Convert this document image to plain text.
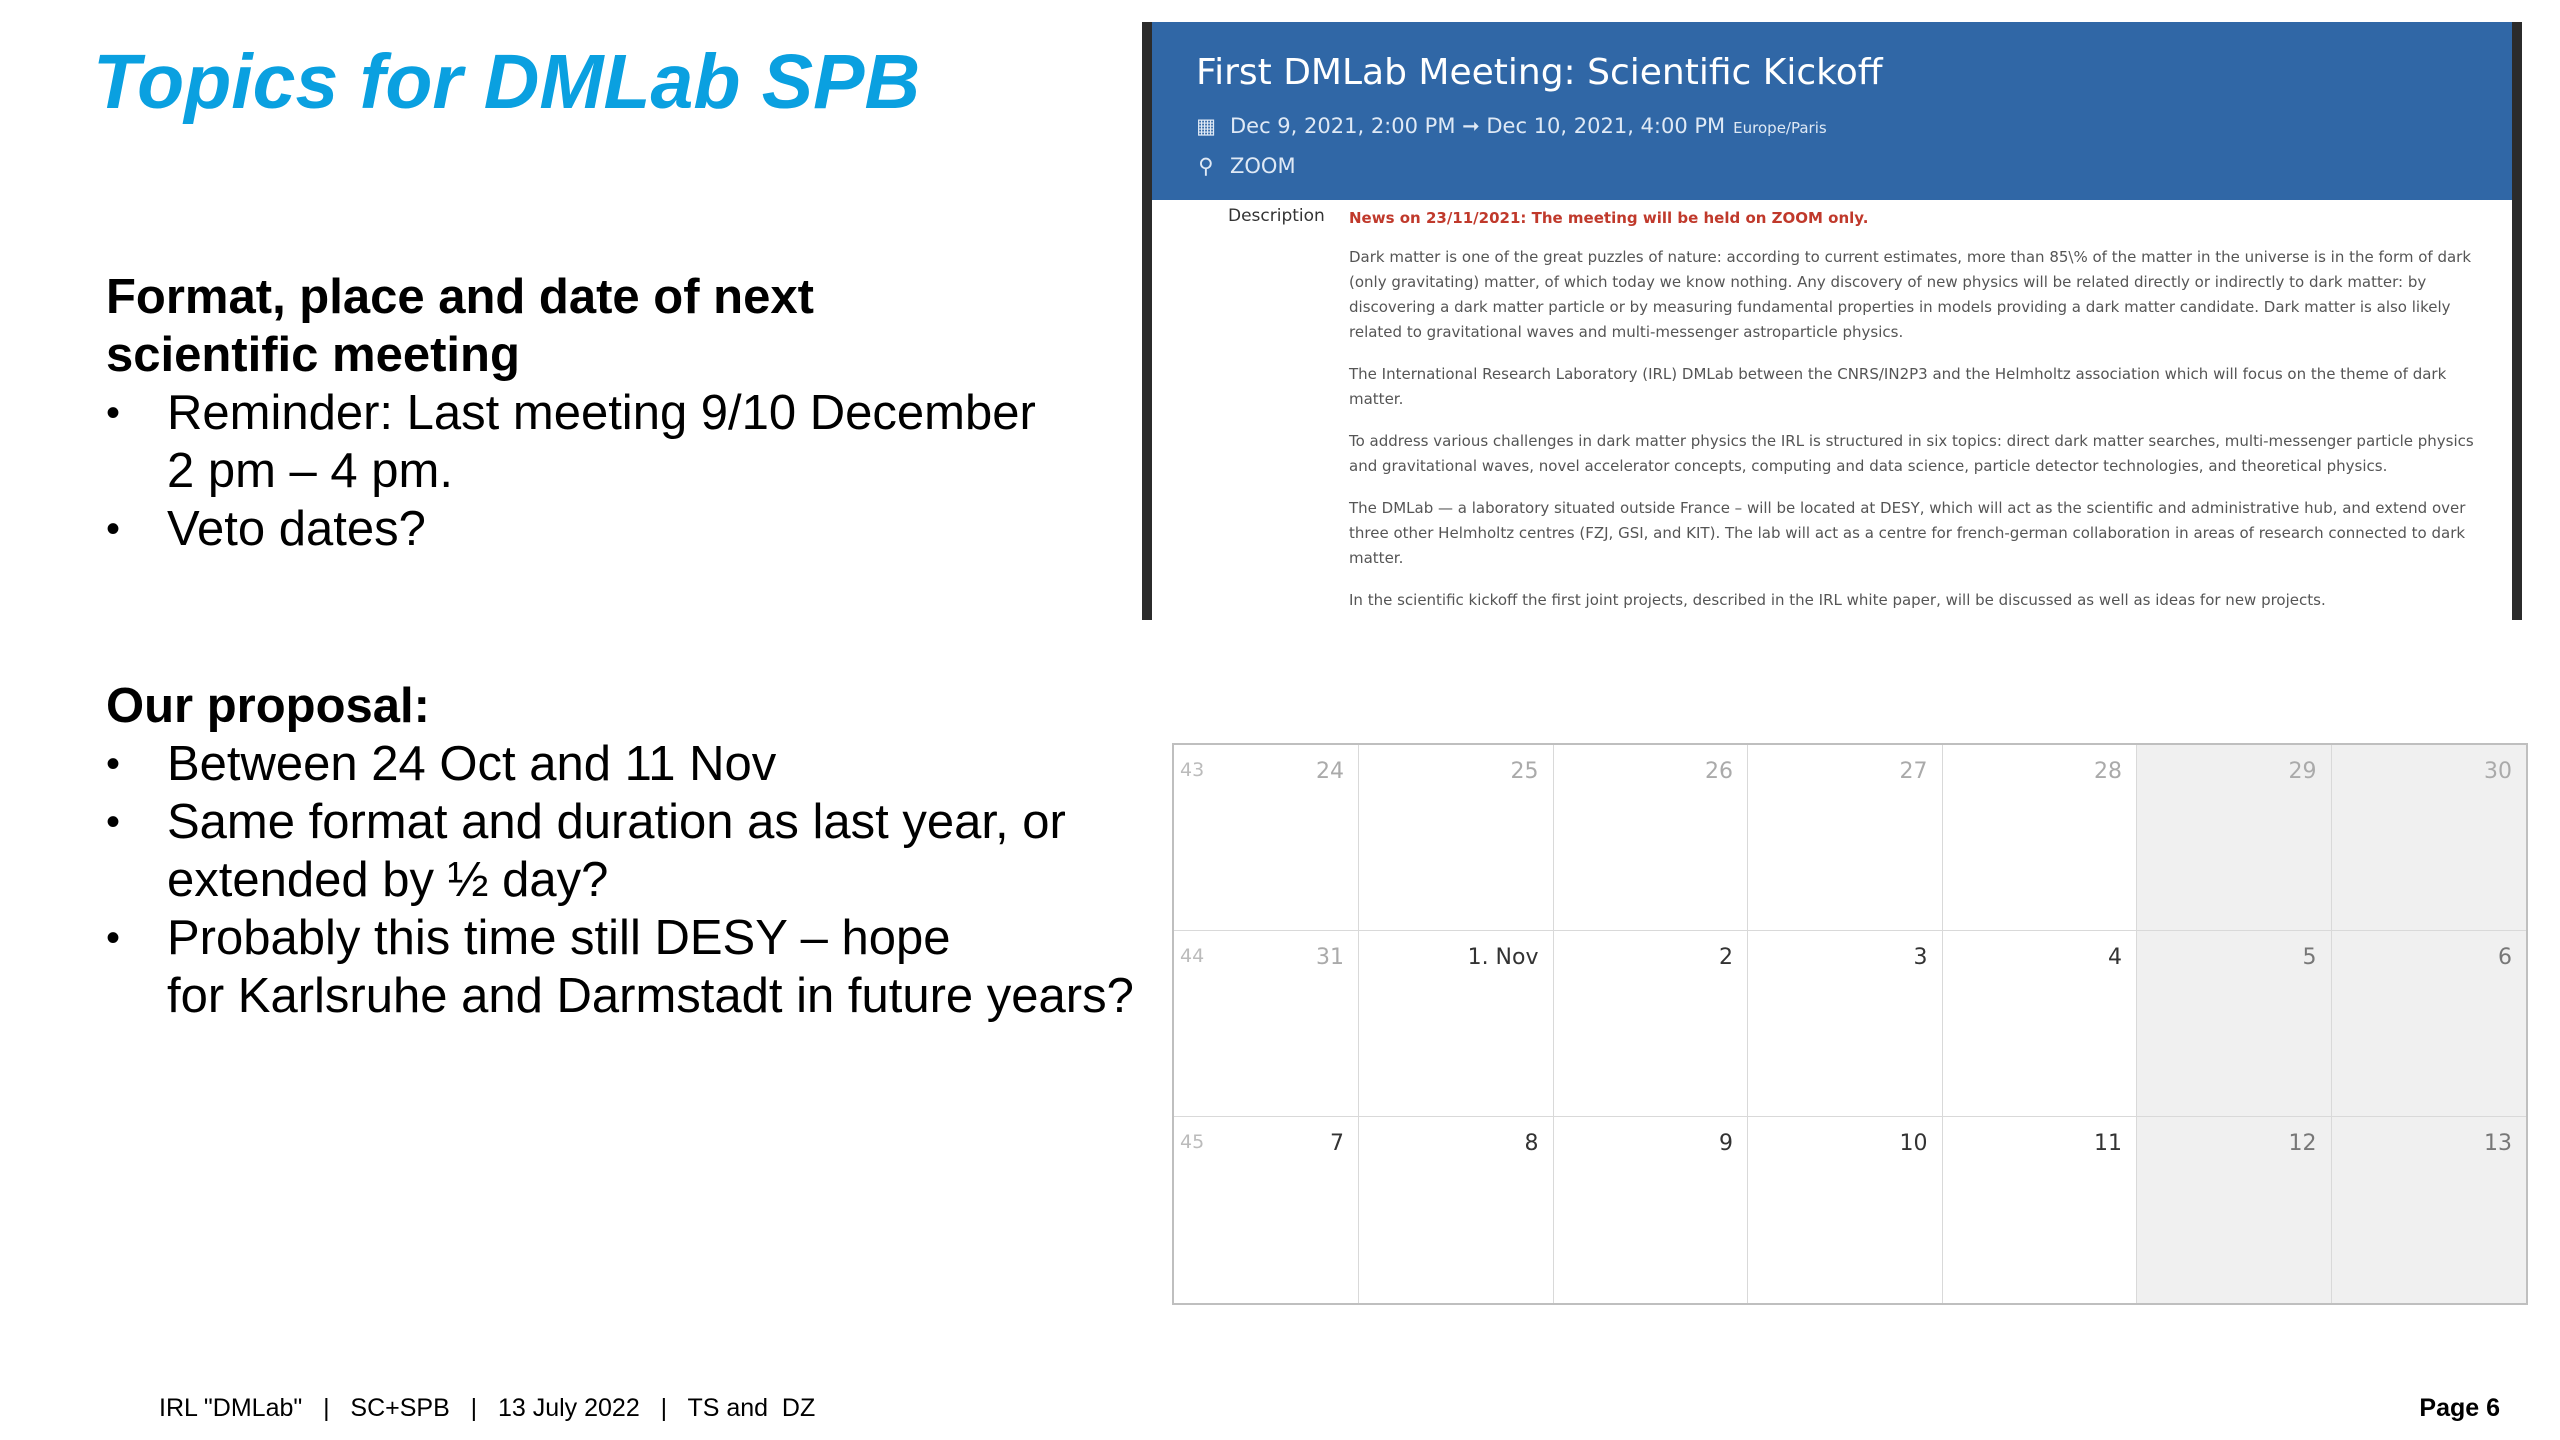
Topics for DMLab SPB

Format, place and date of next
scientific meeting

• Reminder: Last meeting 9/10 December
2 pm – 4 pm.
• Veto dates?

Our proposal:

• Between 24 Oct and 11 Nov
• Same format and duration as last year, or
extended by ½ day?
• Probably this time still DESY – hope
for Karlsruhe and Darmstadt in future years?
First DMLab Meeting: Scientific Kickoff
▦ Dec 9, 2021, 2:00 PM ➞ Dec 10, 2021, 4:00 PM Europe/Paris
⚲ ZOOM
Description News on 23/11/2021: The meeting will be held on ZOOM only.

Dark matter is one of the great puzzles of nature: according to current estimates, more than 85\% of the matter in the universe is in the form of dark (only gravitating) matter, of which today we know nothing. Any discovery of new physics will be related directly or indirectly to dark matter: by discovering a dark matter particle or by measuring fundamental properties in models providing a dark matter candidate. Dark matter is also likely related to gravitational waves and multi-messenger astroparticle physics.

The International Research Laboratory (IRL) DMLab between the CNRS/IN2P3 and the Helmholtz association which will focus on the theme of dark matter.

To address various challenges in dark matter physics the IRL is structured in six topics: direct dark matter searches, multi-messenger particle physics and gravitational waves, novel accelerator concepts, computing and data science, particle detector technologies, and theoretical physics.

The DMLab — a laboratory situated outside France – will be located at DESY, which will act as the scientific and administrative hub, and extend over three other Helmholtz centres (FZJ, GSI, and KIT). The lab will act as a centre for french-german collaboration in areas of research connected to dark matter.

In the scientific kickoff the first joint projects, described in the IRL white paper, will be discussed as well as ideas for new projects.

43	24	25	26	27	28	29	30
44	31	1. Nov	2	3	4	5	6
45	7	8	9	10	11	12	13
IRL "DMLab"   |   SC+SPB   |   13 July 2022   |   TS and  DZ	Page 6
